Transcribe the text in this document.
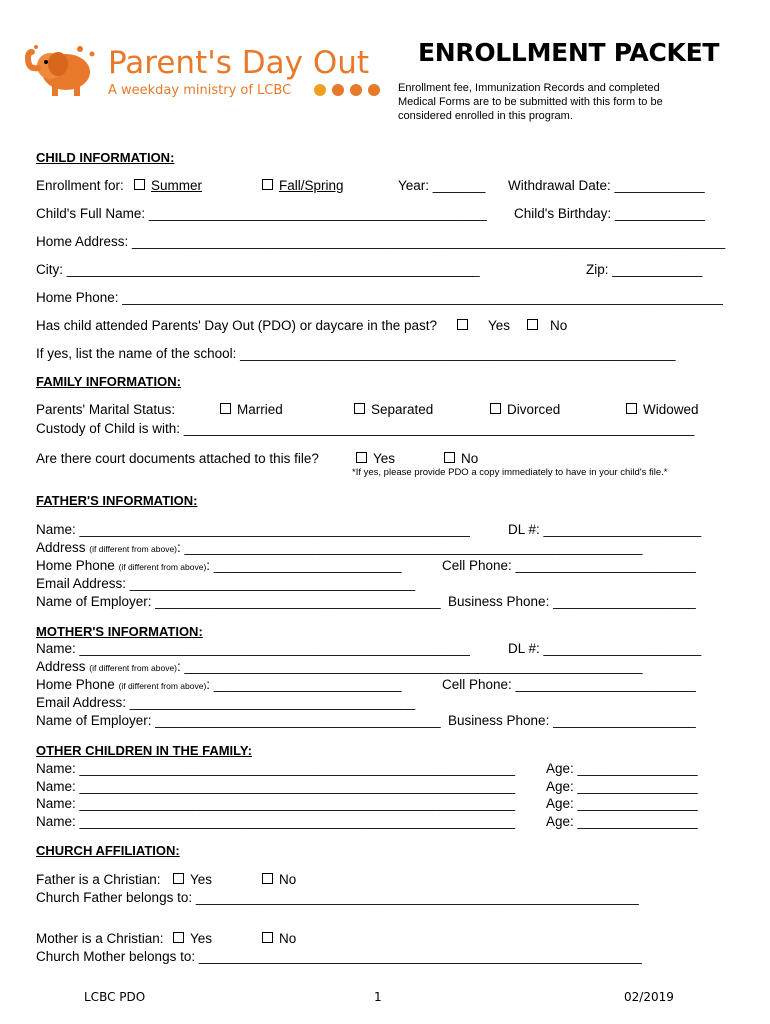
Parent's Day Out
A weekday ministry of LCBC
ENROLLMENT PACKET
Enrollment fee, Immunization Records and completed
Medical Forms are to be submitted with this form to be
considered enrolled in this program.
CHILD INFORMATION:
Enrollment for:	Summer	Fall/Spring	Year: _______ Withdrawal Date: ____________
Child's Full Name: _____________________________________________ Child's Birthday: ____________
Home Address: _______________________________________________________________________________
City: _______________________________________________________	Zip: ____________
Home Phone: ________________________________________________________________________________
Has child attended Parents' Day Out (PDO) or daycare in the past?	Yes	No
If yes, list the name of the school: __________________________________________________________
FAMILY INFORMATION:
Parents' Marital Status:	Married	Separated	Divorced	Widowed
Custody of Child is with: ____________________________________________________________________
Are there court documents attached to this file?	Yes	No
*If yes, please provide PDO a copy immediately to have in your child's file.*
FATHER'S INFORMATION:
Name: ____________________________________________________	DL #: _____________________
Address (if different from above): _____________________________________________________________
Home Phone (if different from above): _________________________	Cell Phone: ________________________
Email Address: ______________________________________
Name of Employer: ______________________________________ Business Phone: ___________________
MOTHER'S INFORMATION:
Name: ____________________________________________________	DL #: _____________________
Address (if different from above): _____________________________________________________________
Home Phone (if different from above): _________________________	Cell Phone: ________________________
Email Address: ______________________________________
Name of Employer: ______________________________________ Business Phone: ___________________
OTHER CHILDREN IN THE FAMILY:
Name: __________________________________________________________ Age: ________________
Name: __________________________________________________________ Age: ________________
Name: __________________________________________________________ Age: ________________
Name: __________________________________________________________ Age: ________________
CHURCH AFFILIATION:
Father is a Christian:	Yes	No
Church Father belongs to: ___________________________________________________________
Mother is a Christian:	Yes	No
Church Mother belongs to: ___________________________________________________________
LCBC PDO	1	02/2019
